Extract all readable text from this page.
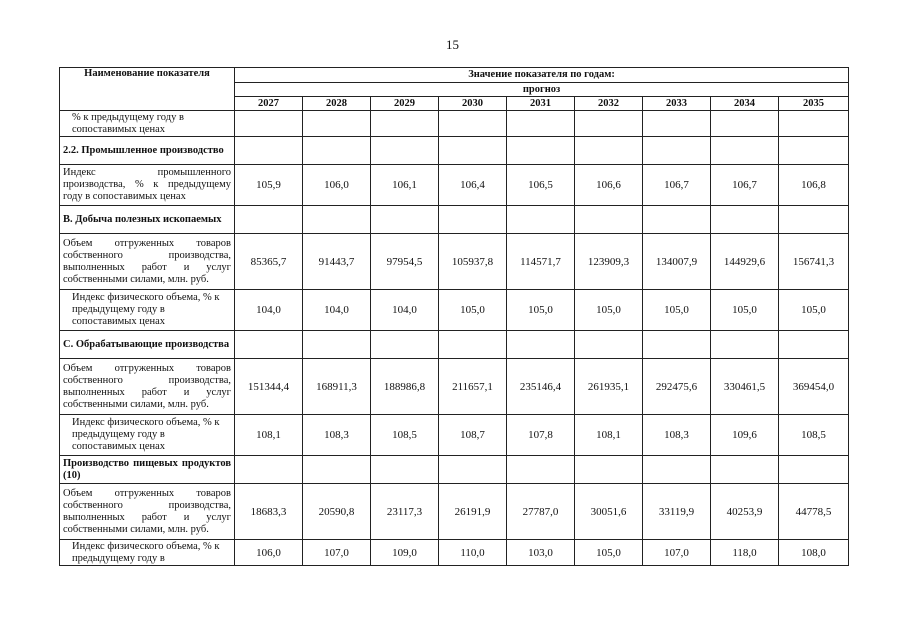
15
Наименование показателя	Значение показателя по годам:								
	прогноз								
	2027	2028	2029	2030	2031	2032	2033	2034	2035
% к предыдущему году в сопоставимых ценах									
2.2. Промышленное производство									
Индекс промышленного производства, % к предыдущему году в сопоставимых ценах	105,9	106,0	106,1	106,4	106,5	106,6	106,7	106,7	106,8
B. Добыча полезных ископаемых									
Объем отгруженных товаров собственного производства, выполненных работ и услуг собственными силами, млн. руб.	85365,7	91443,7	97954,5	105937,8	114571,7	123909,3	134007,9	144929,6	156741,3
Индекс физического объема, % к предыдущему году в сопоставимых ценах	104,0	104,0	104,0	105,0	105,0	105,0	105,0	105,0	105,0
C. Обрабатывающие производства									
Объем отгруженных товаров собственного производства, выполненных работ и услуг собственными силами, млн. руб.	151344,4	168911,3	188986,8	211657,1	235146,4	261935,1	292475,6	330461,5	369454,0
Индекс физического объема, % к предыдущему году в сопоставимых ценах	108,1	108,3	108,5	108,7	107,8	108,1	108,3	109,6	108,5
Производство пищевых продуктов (10)									
Объем отгруженных товаров собственного производства, выполненных работ и услуг собственными силами, млн. руб.	18683,3	20590,8	23117,3	26191,9	27787,0	30051,6	33119,9	40253,9	44778,5
Индекс физического объема, % к предыдущему году в	106,0	107,0	109,0	110,0	103,0	105,0	107,0	118,0	108,0
